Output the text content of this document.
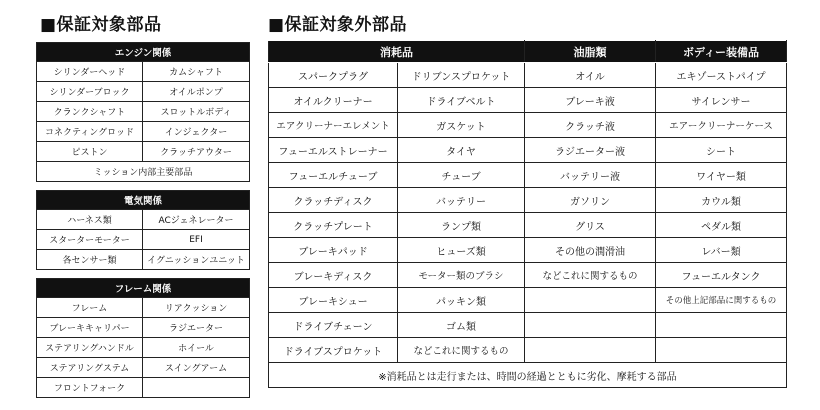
■保証対象部品	■保証対象外部品
エンジン関係	
シリンダーヘッド	カムシャフト
シリンダーブロック	オイルポンプ
クランクシャフト	スロットルボディ
コネクティングロッド	インジェクター
ピストン	クラッチアウター
ミッション内部主要部品	
電気関係	
ハーネス類	ACジェネレーター
スターターモーター	EFI
各センサー類	イグニッションユニット
フレーム関係	
フレーム	リアクッション
ブレーキキャリパー	ラジエーター
ステアリングハンドル	ホイール
ステアリングステム	スイングアーム
フロントフォーク	
消耗品		油脂類	ボディー装備品
スパークプラグ	ドリブンスプロケット	オイル	エキゾーストパイプ
オイルクリーナー	ドライブベルト	ブレーキ液	サイレンサー
エアクリーナーエレメント	ガスケット	クラッチ液	エアークリーナーケース
フューエルストレーナー	タイヤ	ラジエーター液	シート
フューエルチューブ	チューブ	バッテリー液	ワイヤー類
クラッチディスク	バッテリー	ガソリン	カウル類
クラッチプレート	ランプ類	グリス	ペダル類
ブレーキパッド	ヒューズ類	その他の潤滑油	レバー類
ブレーキディスク	モーター類のブラシ	などこれに関するもの	フューエルタンク
ブレーキシュー	パッキン類		その他上記部品に関するもの
ドライブチェーン	ゴム類		
ドライブスプロケット	などこれに関するもの		
※消耗品とは走行または、時間の経過とともに劣化、摩耗する部品			
